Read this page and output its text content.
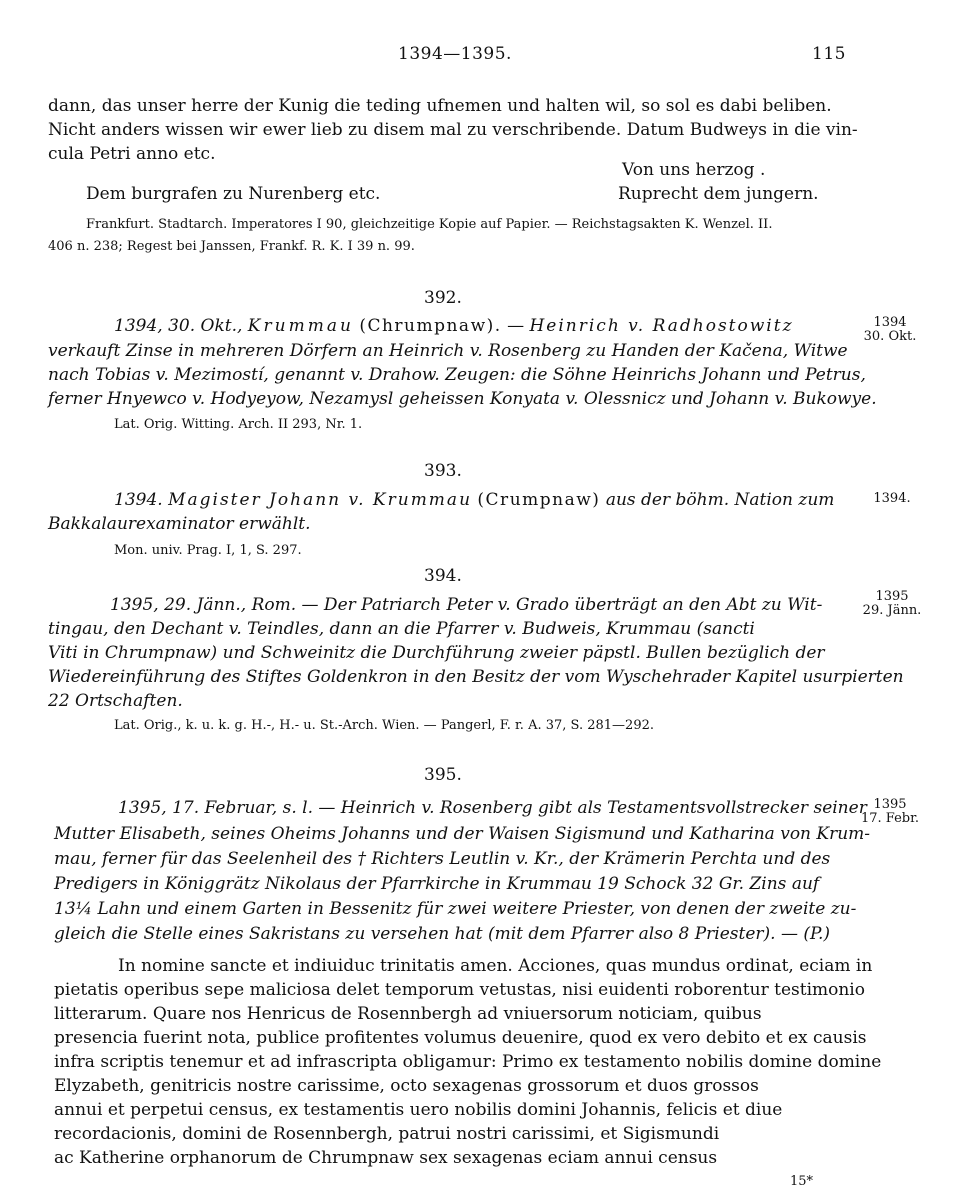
1394—1395.	115
dann, das unser herre der Kunig die teding ufnemen und halten wil, so sol es dabi beliben.
Nicht anders wissen wir ewer lieb zu disem mal zu verschribende. Datum Budweys in die vin-
cula Petri anno etc.
Von uns herzog .
Dem burgrafen zu Nurenberg etc.	Ruprecht dem jungern.
Frankfurt. Stadtarch. Imperatores I 90, gleichzeitige Kopie auf Papier. — Reichstagsakten K. Wenzel. II.
406 n. 238; Regest bei Janssen, Frankf. R. K. I 39 n. 99.
392.
1394, 30. Okt., Krummau (Chrumpnaw). — Heinrich v. Radhostowitz
verkauft Zinse in mehreren Dörfern an Heinrich v. Rosenberg zu Handen der Kačena, Witwe
nach Tobias v. Mezimostí, genannt v. Drahow. Zeugen: die Söhne Heinrichs Johann und Petrus,
ferner Hnyewco v. Hodyeyow, Nezamysl geheissen Konyata v. Olessnicz und Johann v. Bukowye.
Lat. Orig. Witting. Arch. II 293, Nr. 1.
1394
30. Okt.
393.
1394. Magister Johann v. Krummau (Crumpnaw) aus der böhm. Nation zum
Bakkalaurexaminator erwählt.
Mon. univ. Prag. I, 1, S. 297.
1394.
394.
1395, 29. Jänn., Rom. — Der Patriarch Peter v. Grado überträgt an den Abt zu Wit-
tingau, den Dechant v. Teindles, dann an die Pfarrer v. Budweis, Krummau (sancti
Viti in Chrumpnaw) und Schweinitz die Durchführung zweier päpstl. Bullen bezüglich der
Wiedereinführung des Stiftes Goldenkron in den Besitz der vom Wyschehrader Kapitel usurpierten
22 Ortschaften.
Lat. Orig., k. u. k. g. H.-, H.- u. St.-Arch. Wien. — Pangerl, F. r. A. 37, S. 281—292.
1395
29. Jänn.
395.
1395, 17. Februar, s. l. — Heinrich v. Rosenberg gibt als Testamentsvollstrecker seiner
Mutter Elisabeth, seines Oheims Johanns und der Waisen Sigismund und Katharina von Krum-
mau, ferner für das Seelenheil des † Richters Leutlin v. Kr., der Krämerin Perchta und des
Predigers in Königgrätz Nikolaus der Pfarrkirche in Krummau 19 Schock 32 Gr. Zins auf
13¼ Lahn und einem Garten in Bessenitz für zwei weitere Priester, von denen der zweite zu-
gleich die Stelle eines Sakristans zu versehen hat (mit dem Pfarrer also 8 Priester). — (P.)
1395
17. Febr.
In nomine sancte et indiuiduc trinitatis amen. Acciones, quas mundus ordinat, eciam in
pietatis operibus sepe maliciosa delet temporum vetustas, nisi euidenti roborentur testimonio
litterarum. Quare nos Henricus de Rosennbergh ad vniuersorum noticiam, quibus
presencia fuerint nota, publice profitentes volumus deuenire, quod ex vero debito et ex causis
infra scriptis tenemur et ad infrascripta obligamur: Primo ex testamento nobilis domine domine
Elyzabeth, genitricis nostre carissime, octo sexagenas grossorum et duos grossos
annui et perpetui census, ex testamentis uero nobilis domini Johannis, felicis et diue
recordacionis, domini de Rosennbergh, patrui nostri carissimi, et Sigismundi
ac Katherine orphanorum de Chrumpnaw sex sexagenas eciam annui census
15*
